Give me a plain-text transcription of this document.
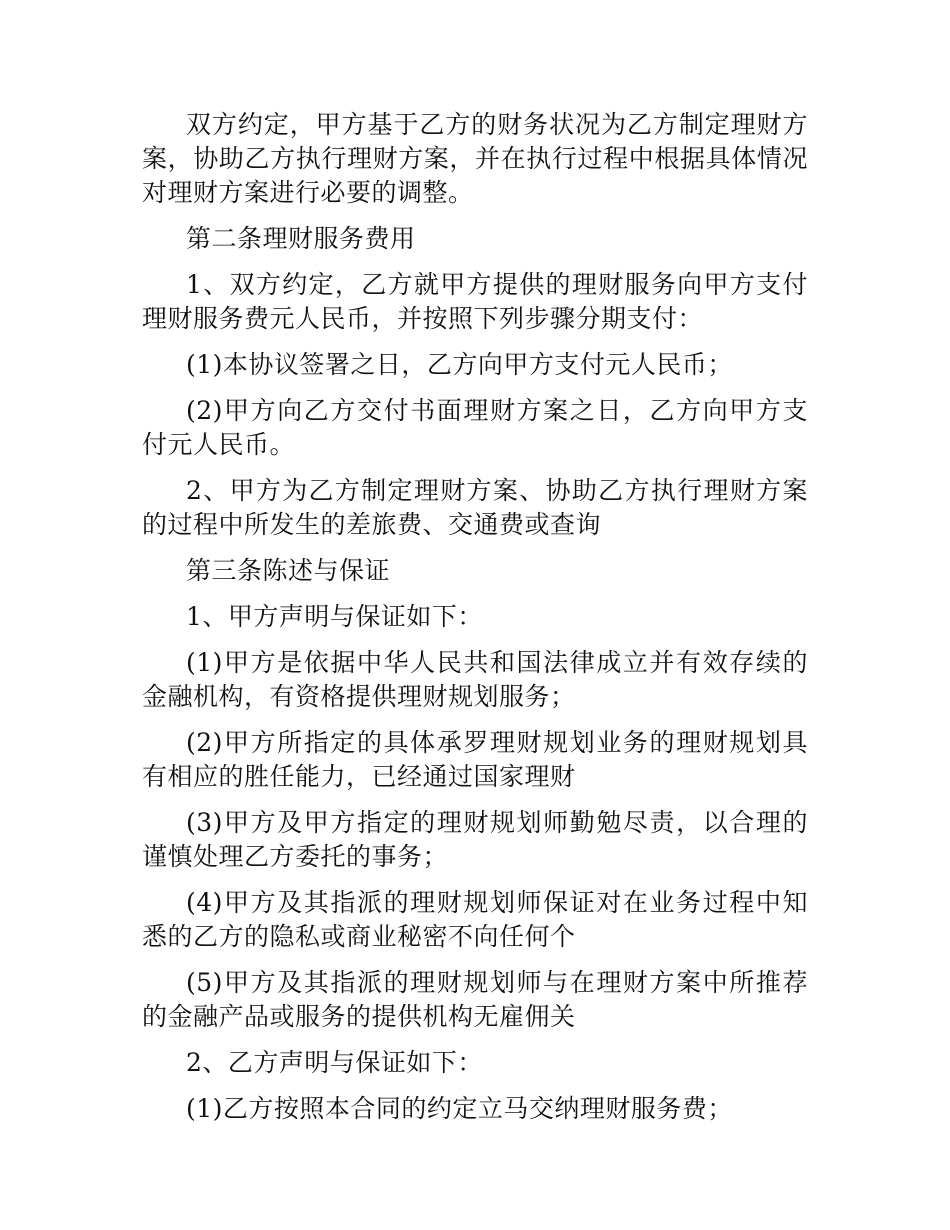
双方约定，甲方基于乙方的财务状况为乙方制定理财方案，协助乙方执行理财方案，并在执行过程中根据具体情况对理财方案进行必要的调整。

第二条理财服务费用

1、双方约定，乙方就甲方提供的理财服务向甲方支付理财服务费元人民币，并按照下列步骤分期支付：

(1)本协议签署之日，乙方向甲方支付元人民币；

(2)甲方向乙方交付书面理财方案之日，乙方向甲方支付元人民币。

2、甲方为乙方制定理财方案、协助乙方执行理财方案的过程中所发生的差旅费、交通费或查询

第三条陈述与保证

1、甲方声明与保证如下：

(1)甲方是依据中华人民共和国法律成立并有效存续的金融机构，有资格提供理财规划服务；

(2)甲方所指定的具体承罗理财规划业务的理财规划具有相应的胜任能力，已经通过国家理财

(3)甲方及甲方指定的理财规划师勤勉尽责，以合理的谨慎处理乙方委托的事务；

(4)甲方及其指派的理财规划师保证对在业务过程中知悉的乙方的隐私或商业秘密不向任何个

(5)甲方及其指派的理财规划师与在理财方案中所推荐的金融产品或服务的提供机构无雇佣关

2、乙方声明与保证如下：

(1)乙方按照本合同的约定立马交纳理财服务费；
